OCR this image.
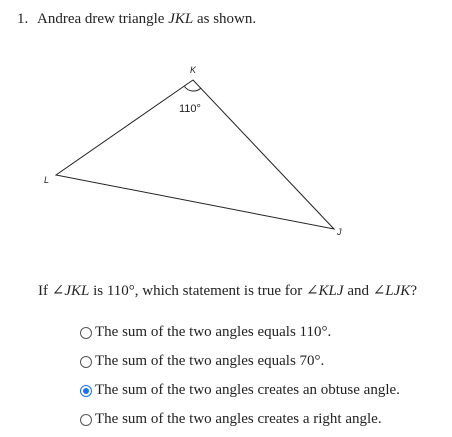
1. Andrea drew triangle JKL as shown.
K
L
J
110°
If ∠JKL is 110°, which statement is true for ∠KLJ and ∠LJK?
The sum of the two angles equals 110°.
The sum of the two angles equals 70°.
The sum of the two angles creates an obtuse angle.
The sum of the two angles creates a right angle.
